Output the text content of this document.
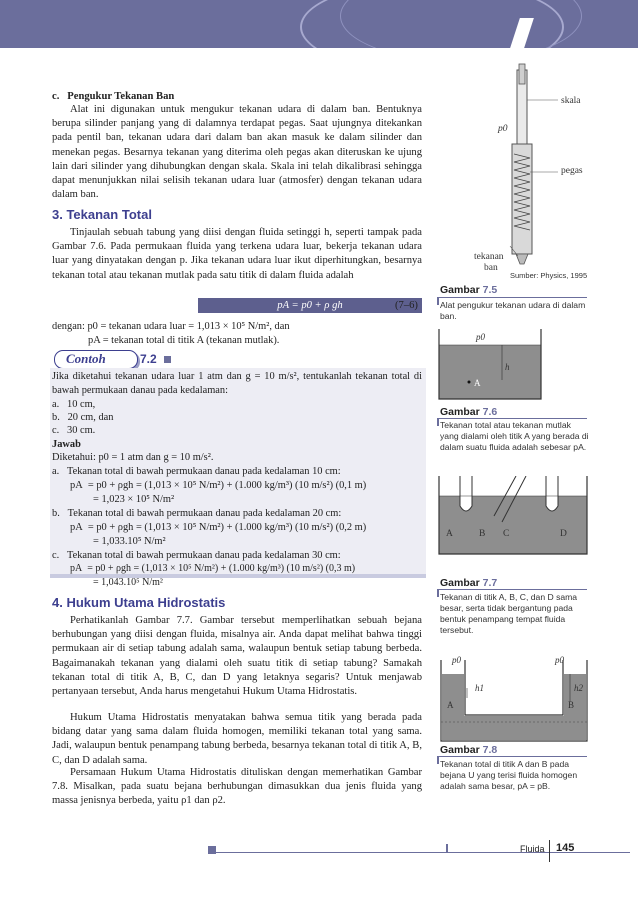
c.   Pengukur Tekanan Ban
Alat ini digunakan untuk mengukur tekanan udara di dalam ban. Bentuknya berupa silinder panjang yang di dalamnya terdapat pegas. Saat ujungnya ditekankan pada pentil ban, tekanan udara dari dalam ban akan masuk ke dalam silinder dan menekan pegas. Besarnya tekanan yang diterima oleh pegas akan diteruskan ke ujung lain dari silinder yang dihubungkan dengan skala. Skala ini telah dikalibrasi sehingga dapat menunjukkan nilai selisih tekanan udara luar (atmosfer) dengan tekanan udara dalam ban.
3. Tekanan Total
Tinjaulah sebuah tabung yang diisi dengan fluida setinggi h, seperti tampak pada Gambar 7.6. Pada permukaan fluida yang terkena udara luar, bekerja tekanan udara luar yang dinyatakan dengan p. Jika tekanan udara luar ikut diperhitungkan, besarnya tekanan total atau tekanan mutlak pada satu titik di dalam fluida adalah
pA = p0 + ρ gh	(7–6)
dengan: p0 = tekanan udara luar = 1,013 × 10⁵ N/m², dan
pA = tekanan total di titik A (tekanan mutlak).
Contoh	7.2
Jika diketahui tekanan udara luar 1 atm dan g = 10 m/s², tentukanlah tekanan total di bawah permukaan danau pada kedalaman:
a.   10 cm,
b.   20 cm, dan
c.   30 cm.
Jawab
Diketahui: p0 = 1 atm dan g = 10 m/s².
a.   Tekanan total di bawah permukaan danau pada kedalaman 10 cm:
pA  = p0 + ρgh = (1,013 × 10⁵ N/m²) + (1.000 kg/m³) (10 m/s²) (0,1 m)
= 1,023 × 10⁵ N/m²
b.   Tekanan total di bawah permukaan danau pada kedalaman 20 cm:
pA  = p0 + ρgh = (1,013 × 10⁵ N/m²) + (1.000 kg/m³) (10 m/s²) (0,2 m)
= 1,033.10⁵ N/m²
c.   Tekanan total di bawah permukaan danau pada kedalaman 30 cm:
pA  = p0 + ρgh = (1,013 × 10⁵ N/m²) + (1.000 kg/m³) (10 m/s²) (0,3 m)
= 1,043.10⁵ N/m²
4. Hukum Utama Hidrostatis
Perhatikanlah Gambar 7.7. Gambar tersebut memperlihatkan sebuah bejana berhubungan yang diisi dengan fluida, misalnya air. Anda dapat melihat bahwa tinggi permukaan air di setiap tabung adalah sama, walaupun bentuk setiap tabung berbeda. Bagaimanakah tekanan yang dialami oleh suatu titik di setiap tabung? Samakah tekanan total di titik A, B, C, dan D yang letaknya segaris? Untuk menjawab pertanyaan tersebut, Anda harus mengetahui Hukum Utama Hidrostatis.
Hukum Utama Hidrostatis menyatakan bahwa semua titik yang berada pada bidang datar yang sama dalam fluida homogen, memiliki tekanan total yang sama. Jadi, walaupun bentuk penampang tabung berbeda, besarnya tekanan total di titik A, B, C, dan D adalah sama.
Persamaan Hukum Utama Hidrostatis dituliskan dengan memerhatikan Gambar 7.8. Misalkan, pada suatu bejana berhubungan dimasukkan dua jenis fluida yang massa jenisnya berbeda, yaitu ρ1 dan ρ2.
skala
p0
pegas
tekanan
ban
Sumber: Physics, 1995
Gambar 7.5
Alat pengukur tekanan udara di dalam ban.
p0
h
A
Gambar 7.6
Tekanan total atau tekanan mutlak yang dialami oleh titik A yang berada di dalam suatu fluida adalah sebesar pA.
A	B C	D
Gambar 7.7
Tekanan di titik A, B, C, dan D sama besar, serta tidak bergantung pada bentuk penampang tempat fluida tersebut.
p0	p0
h1	h2
A	B
Gambar 7.8
Tekanan total di titik A dan B pada bejana U yang terisi fluida homogen adalah sama besar, pA = pB.
Fluida 145
